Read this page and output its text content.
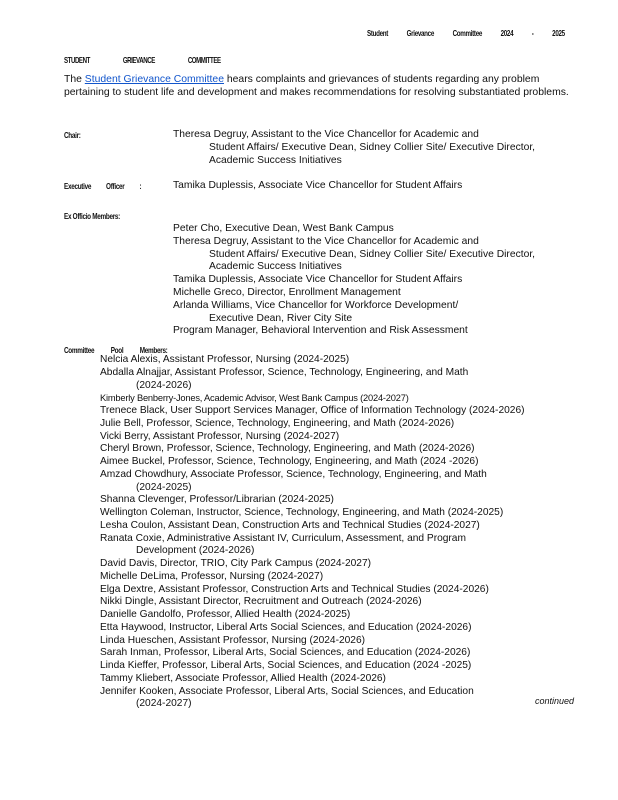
Student Grievance Committee 2024 - 2025
STUDENT GRIEVANCE COMMITTEE
The Student Grievance Committee hears complaints and grievances of students regarding any problem pertaining to student life and development and makes recommendations for resolving substantiated problems.
Chair:	Theresa Degruy, Assistant to the Vice Chancellor for Academic and
Student Affairs/ Executive Dean, Sidney Collier Site/ Executive Director,
Academic Success Initiatives
Executive Officer :	Tamika Duplessis, Associate Vice Chancellor for Student Affairs
Ex Officio Members:
Peter Cho, Executive Dean, West Bank Campus
Theresa Degruy, Assistant to the Vice Chancellor for Academic and
Student Affairs/ Executive Dean, Sidney Collier Site/ Executive Director,
Academic Success Initiatives
Tamika Duplessis, Associate Vice Chancellor for Student Affairs
Michelle Greco, Director, Enrollment Management
Arlanda Williams, Vice Chancellor for Workforce Development/
Executive Dean, River City Site
Program Manager, Behavioral Intervention and Risk Assessment
Committee Pool Members:
Nelcia Alexis, Assistant Professor, Nursing (2024-2025)
Abdalla Alnajjar, Assistant Professor, Science, Technology, Engineering, and Math
(2024-2026)
Kimberly Benberry-Jones, Academic Advisor, West Bank Campus (2024-2027)
Trenece Black, User Support Services Manager, Office of Information Technology (2024-2026)
Julie Bell, Professor, Science, Technology, Engineering, and Math (2024-2026)
Vicki Berry, Assistant Professor, Nursing (2024-2027)
Cheryl Brown, Professor, Science, Technology, Engineering, and Math (2024-2026)
Aimee Buckel, Professor, Science, Technology, Engineering, and Math (2024 -2026)
Amzad Chowdhury, Associate Professor, Science, Technology, Engineering, and Math
(2024-2025)
Shanna Clevenger, Professor/Librarian (2024-2025)
Wellington Coleman, Instructor, Science, Technology, Engineering, and Math (2024-2025)
Lesha Coulon, Assistant Dean, Construction Arts and Technical Studies (2024-2027)
Ranata Coxie, Administrative Assistant IV, Curriculum, Assessment, and Program
Development (2024-2026)
David Davis, Director, TRIO, City Park Campus (2024-2027)
Michelle DeLima, Professor, Nursing (2024-2027)
Elga Dextre, Assistant Professor, Construction Arts and Technical Studies (2024-2026)
Nikki Dingle, Assistant Director, Recruitment and Outreach (2024-2026)
Danielle Gandolfo, Professor, Allied Health (2024-2025)
Etta Haywood, Instructor, Liberal Arts Social Sciences, and Education (2024-2026)
Linda Hueschen, Assistant Professor, Nursing (2024-2026)
Sarah Inman, Professor, Liberal Arts, Social Sciences, and Education (2024-2026)
Linda Kieffer, Professor, Liberal Arts, Social Sciences, and Education (2024 -2025)
Tammy Kliebert, Associate Professor, Allied Health (2024-2026)
Jennifer Kooken, Associate Professor, Liberal Arts, Social Sciences, and Education
(2024-2027)	continued
